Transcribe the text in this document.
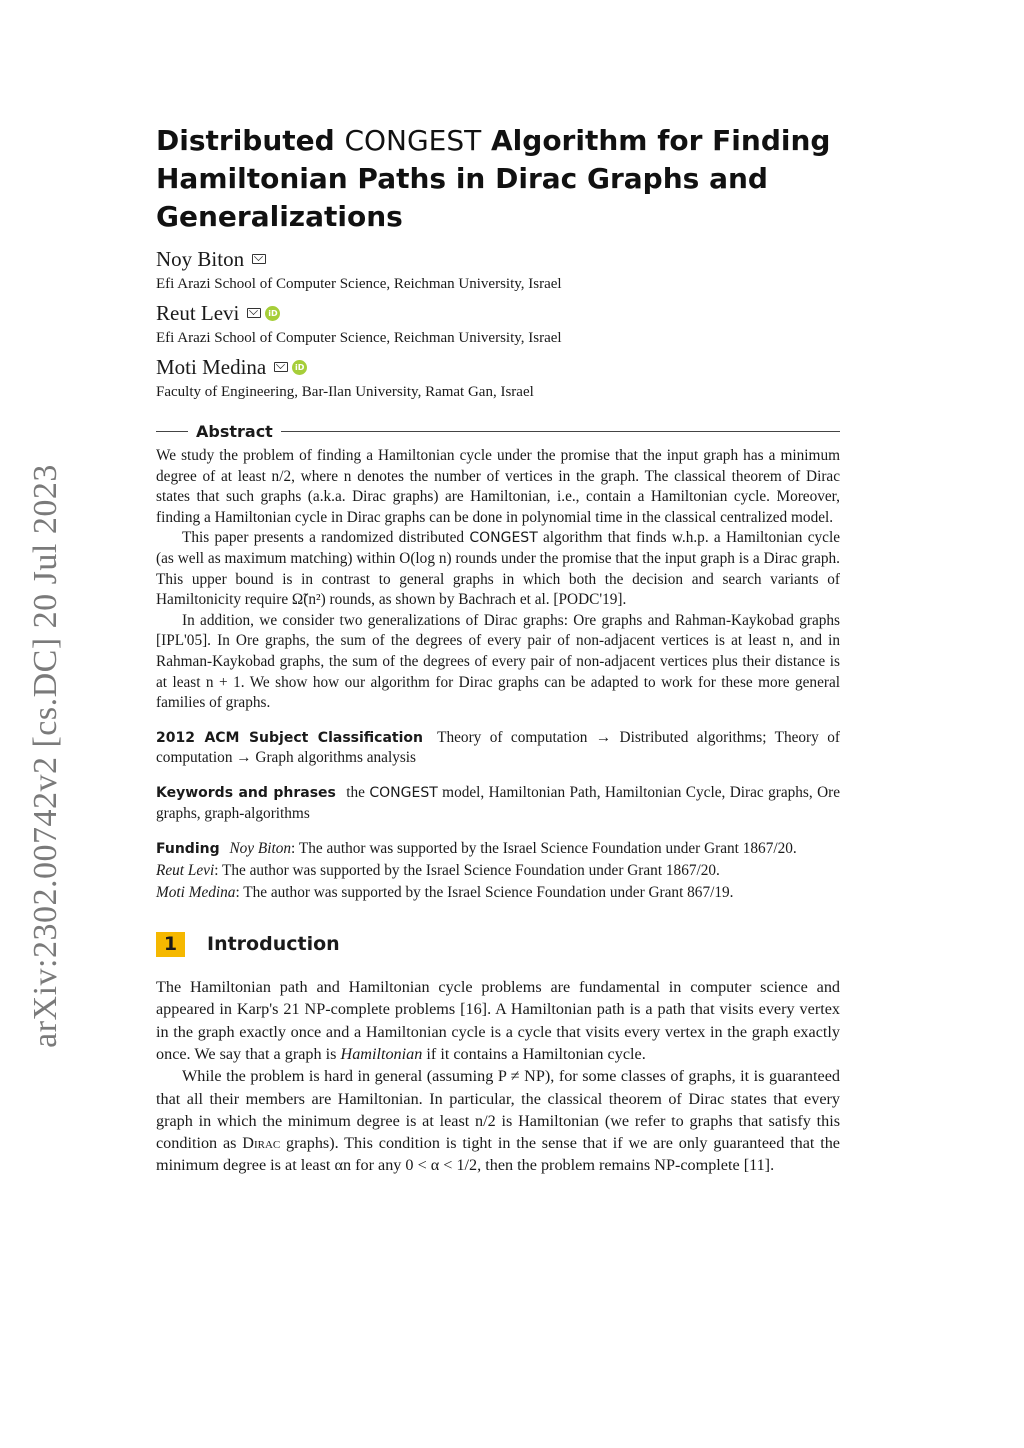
arXiv:2302.00742v2 [cs.DC] 20 Jul 2023
Distributed CONGEST Algorithm for Finding Hamiltonian Paths in Dirac Graphs and Generalizations
Noy Biton
Efi Arazi School of Computer Science, Reichman University, Israel
Reut Levi	iD
Efi Arazi School of Computer Science, Reichman University, Israel
Moti Medina	iD
Faculty of Engineering, Bar-Ilan University, Ramat Gan, Israel
Abstract

We study the problem of finding a Hamiltonian cycle under the promise that the input graph has a minimum degree of at least n/2, where n denotes the number of vertices in the graph. The classical theorem of Dirac states that such graphs (a.k.a. Dirac graphs) are Hamiltonian, i.e., contain a Hamiltonian cycle. Moreover, finding a Hamiltonian cycle in Dirac graphs can be done in polynomial time in the classical centralized model.

This paper presents a randomized distributed CONGEST algorithm that finds w.h.p. a Hamiltonian cycle (as well as maximum matching) within O(log n) rounds under the promise that the input graph is a Dirac graph. This upper bound is in contrast to general graphs in which both the decision and search variants of Hamiltonicity require Ω̃(n²) rounds, as shown by Bachrach et al. [PODC'19].

In addition, we consider two generalizations of Dirac graphs: Ore graphs and Rahman-Kaykobad graphs [IPL'05]. In Ore graphs, the sum of the degrees of every pair of non-adjacent vertices is at least n, and in Rahman-Kaykobad graphs, the sum of the degrees of every pair of non-adjacent vertices plus their distance is at least n + 1. We show how our algorithm for Dirac graphs can be adapted to work for these more general families of graphs.

2012 ACM Subject Classification Theory of computation → Distributed algorithms; Theory of computation → Graph algorithms analysis
Keywords and phrases the CONGEST model, Hamiltonian Path, Hamiltonian Cycle, Dirac graphs, Ore graphs, graph-algorithms

Funding Noy Biton: The author was supported by the Israel Science Foundation under Grant 1867/20.

Reut Levi: The author was supported by the Israel Science Foundation under Grant 1867/20.

Moti Medina: The author was supported by the Israel Science Foundation under Grant 867/19.

1	Introduction

The Hamiltonian path and Hamiltonian cycle problems are fundamental in computer science and appeared in Karp's 21 NP-complete problems [16]. A Hamiltonian path is a path that visits every vertex in the graph exactly once and a Hamiltonian cycle is a cycle that visits every vertex in the graph exactly once. We say that a graph is Hamiltonian if it contains a Hamiltonian cycle.

While the problem is hard in general (assuming P ≠ NP), for some classes of graphs, it is guaranteed that all their members are Hamiltonian. In particular, the classical theorem of Dirac states that every graph in which the minimum degree is at least n/2 is Hamiltonian (we refer to graphs that satisfy this condition as Dirac graphs). This condition is tight in the sense that if we are only guaranteed that the minimum degree is at least αn for any 0 < α < 1/2, then the problem remains NP-complete [11].
